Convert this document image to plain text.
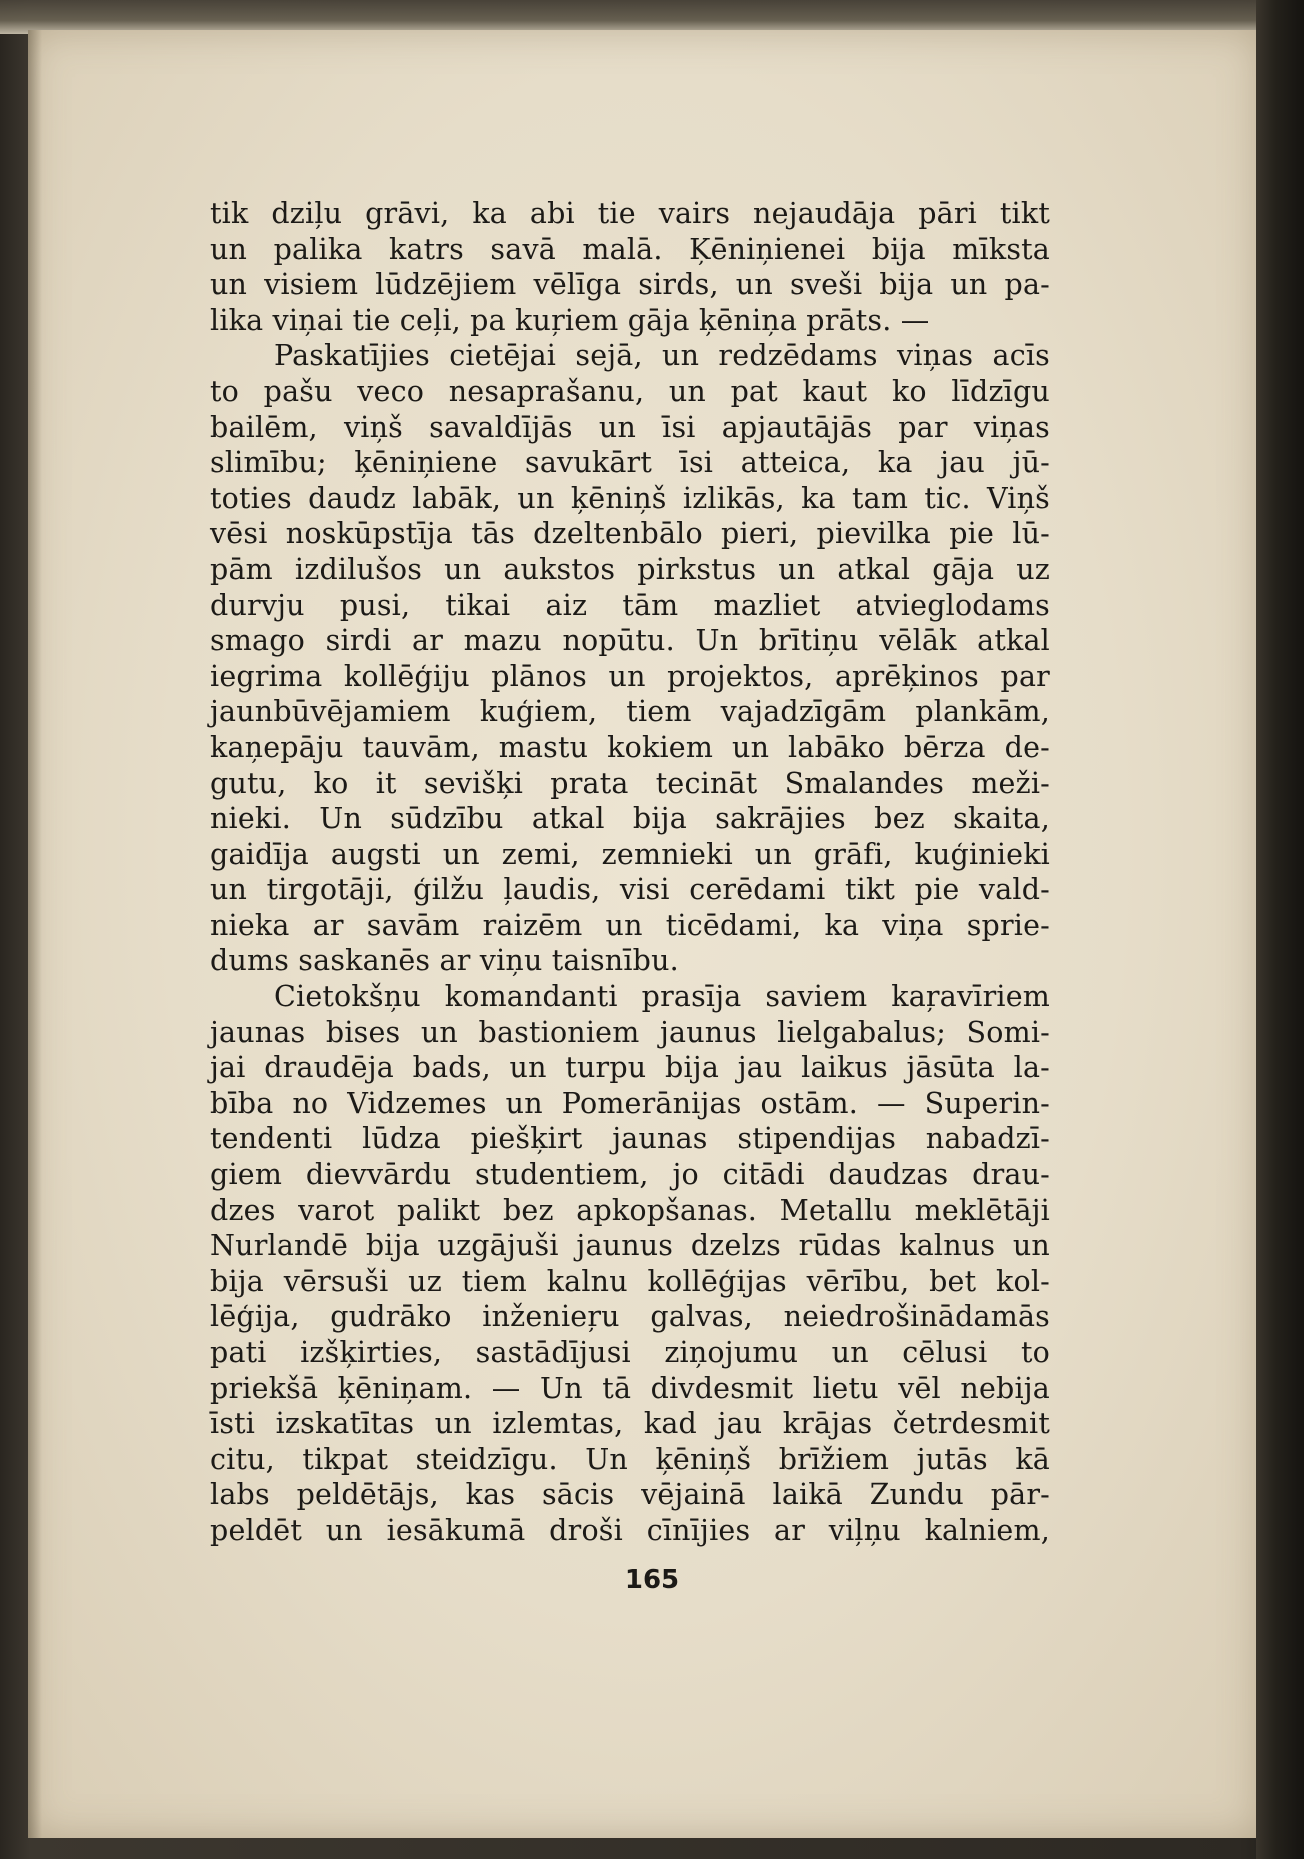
tik dziļu grāvi, ka abi tie vairs nejaudāja pāri tikt
un palika katrs savā malā. Ķēniņienei bija mīksta
un visiem lūdzējiem vēlīga sirds, un sveši bija un pa-
lika viņai tie ceļi, pa kuŗiem gāja ķēniņa prāts. —
Paskatījies cietējai sejā, un redzēdams viņas acīs
to pašu veco nesaprašanu, un pat kaut ko līdzīgu
bailēm, viņš savaldījās un īsi apjautājās par viņas
slimību; ķēniņiene savukārt īsi atteica, ka jau jū-
toties daudz labāk, un ķēniņš izlikās, ka tam tic. Viņš
vēsi noskūpstīja tās dzeltenbālo pieri, pievilka pie lū-
pām izdilušos un aukstos pirkstus un atkal gāja uz
durvju pusi, tikai aiz tām mazliet atvieglodams
smago sirdi ar mazu nopūtu. Un brītiņu vēlāk atkal
iegrima kollēģiju plānos un projektos, aprēķinos par
jaunbūvējamiem kuģiem, tiem vajadzīgām plankām,
kaņepāju tauvām, mastu kokiem un labāko bērza de-
gutu, ko it sevišķi prata tecināt Smalandes meži-
nieki. Un sūdzību atkal bija sakrājies bez skaita,
gaidīja augsti un zemi, zemnieki un grāfi, kuģinieki
un tirgotāji, ģilžu ļaudis, visi cerēdami tikt pie vald-
nieka ar savām raizēm un ticēdami, ka viņa sprie-
dums saskanēs ar viņu taisnību.
Cietokšņu komandanti prasīja saviem kaŗavīriem
jaunas bises un bastioniem jaunus lielgabalus; Somi-
jai draudēja bads, un turpu bija jau laikus jāsūta la-
bība no Vidzemes un Pomerānijas ostām. — Superin-
tendenti lūdza piešķirt jaunas stipendijas nabadzī-
giem dievvārdu studentiem, jo citādi daudzas drau-
dzes varot palikt bez apkopšanas. Metallu meklētāji
Nurlandē bija uzgājuši jaunus dzelzs rūdas kalnus un
bija vērsuši uz tiem kalnu kollēģijas vērību, bet kol-
lēģija, gudrāko inženieŗu galvas, neiedrošinādamās
pati izšķirties, sastādījusi ziņojumu un cēlusi to
priekšā ķēniņam. — Un tā divdesmit lietu vēl nebija
īsti izskatītas un izlemtas, kad jau krājas četrdesmit
citu, tikpat steidzīgu. Un ķēniņš brīžiem jutās kā
labs peldētājs, kas sācis vējainā laikā Zundu pār-
peldēt un iesākumā droši cīnījies ar viļņu kalniem,
165
